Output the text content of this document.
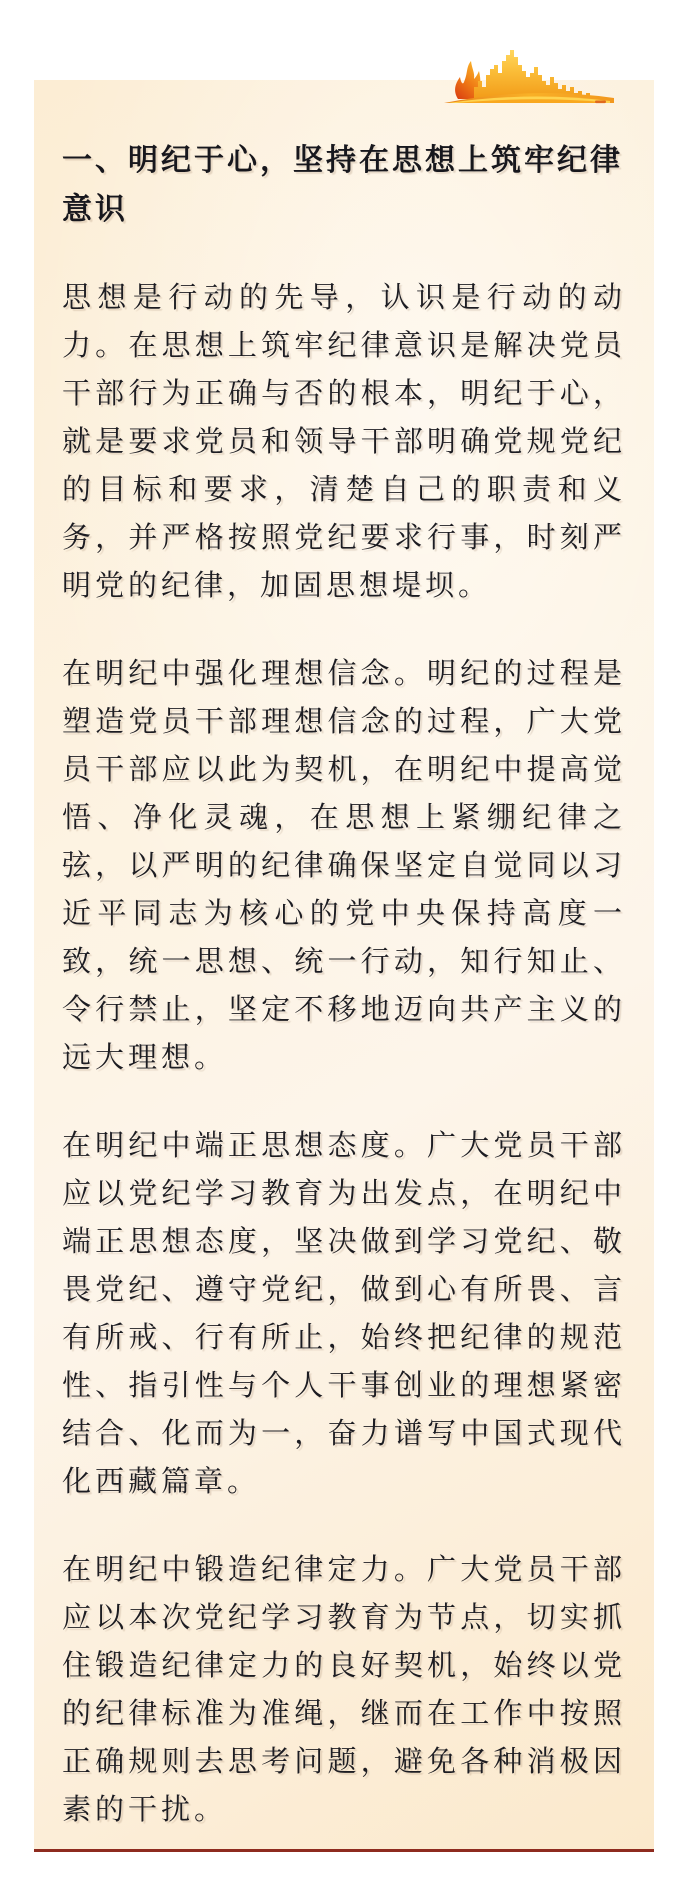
一、明纪于心，坚持在思想上筑牢纪律意识

思想是行动的先导，认识是行动的动力。在思想上筑牢纪律意识是解决党员干部行为正确与否的根本，明纪于心，就是要求党员和领导干部明确党规党纪的目标和要求，清楚自己的职责和义务，并严格按照党纪要求行事，时刻严明党的纪律，加固思想堤坝。

在明纪中强化理想信念。明纪的过程是塑造党员干部理想信念的过程，广大党员干部应以此为契机，在明纪中提高觉悟、净化灵魂，在思想上紧绷纪律之弦，以严明的纪律确保坚定自觉同以习近平同志为核心的党中央保持高度一致，统一思想、统一行动，知行知止、令行禁止，坚定不移地迈向共产主义的远大理想。

在明纪中端正思想态度。广大党员干部应以党纪学习教育为出发点，在明纪中端正思想态度，坚决做到学习党纪、敬畏党纪、遵守党纪，做到心有所畏、言有所戒、行有所止，始终把纪律的规范性、指引性与个人干事创业的理想紧密结合、化而为一，奋力谱写中国式现代化西藏篇章。

在明纪中锻造纪律定力。广大党员干部应以本次党纪学习教育为节点，切实抓住锻造纪律定力的良好契机，始终以党的纪律标准为准绳，继而在工作中按照正确规则去思考问题，避免各种消极因素的干扰。
